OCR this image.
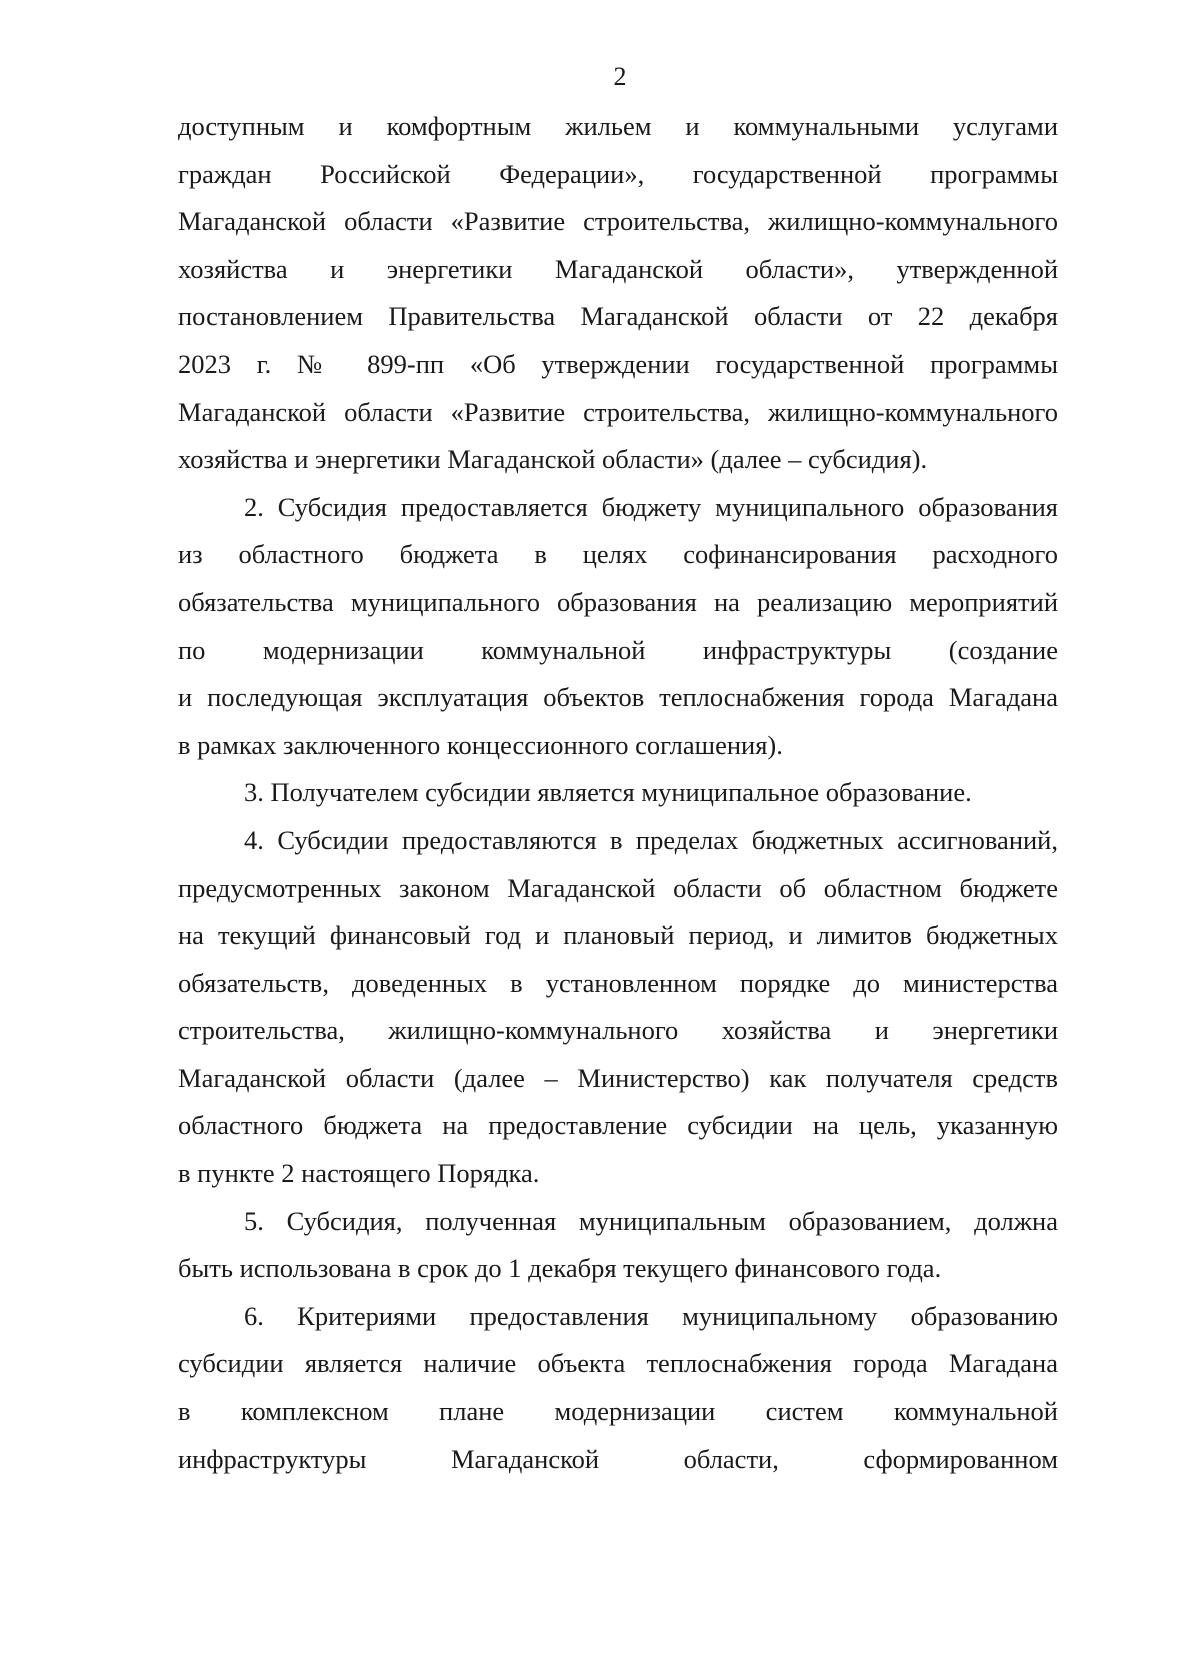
2
доступным и комфортным жильем и коммунальными услугами
граждан Российской Федерации», государственной программы
Магаданской области «Развитие строительства, жилищно-коммунального
хозяйства и энергетики Магаданской области», утвержденной
постановлением Правительства Магаданской области от 22 декабря
2023 г. № 899-пп «Об утверждении государственной программы
Магаданской области «Развитие строительства, жилищно-коммунального
хозяйства и энергетики Магаданской области» (далее – субсидия).
2. Субсидия предоставляется бюджету муниципального образования
из областного бюджета в целях софинансирования расходного
обязательства муниципального образования на реализацию мероприятий
по модернизации коммунальной инфраструктуры (создание
и последующая эксплуатация объектов теплоснабжения города Магадана
в рамках заключенного концессионного соглашения).
3. Получателем субсидии является муниципальное образование.
4. Субсидии предоставляются в пределах бюджетных ассигнований,
предусмотренных законом Магаданской области об областном бюджете
на текущий финансовый год и плановый период, и лимитов бюджетных
обязательств, доведенных в установленном порядке до министерства
строительства, жилищно-коммунального хозяйства и энергетики
Магаданской области (далее – Министерство) как получателя средств
областного бюджета на предоставление субсидии на цель, указанную
в пункте 2 настоящего Порядка.
5. Субсидия, полученная муниципальным образованием, должна
быть использована в срок до 1 декабря текущего финансового года.
6. Критериями предоставления муниципальному образованию
субсидии является наличие объекта теплоснабжения города Магадана
в комплексном плане модернизации систем коммунальной
инфраструктуры Магаданской области, сформированном
